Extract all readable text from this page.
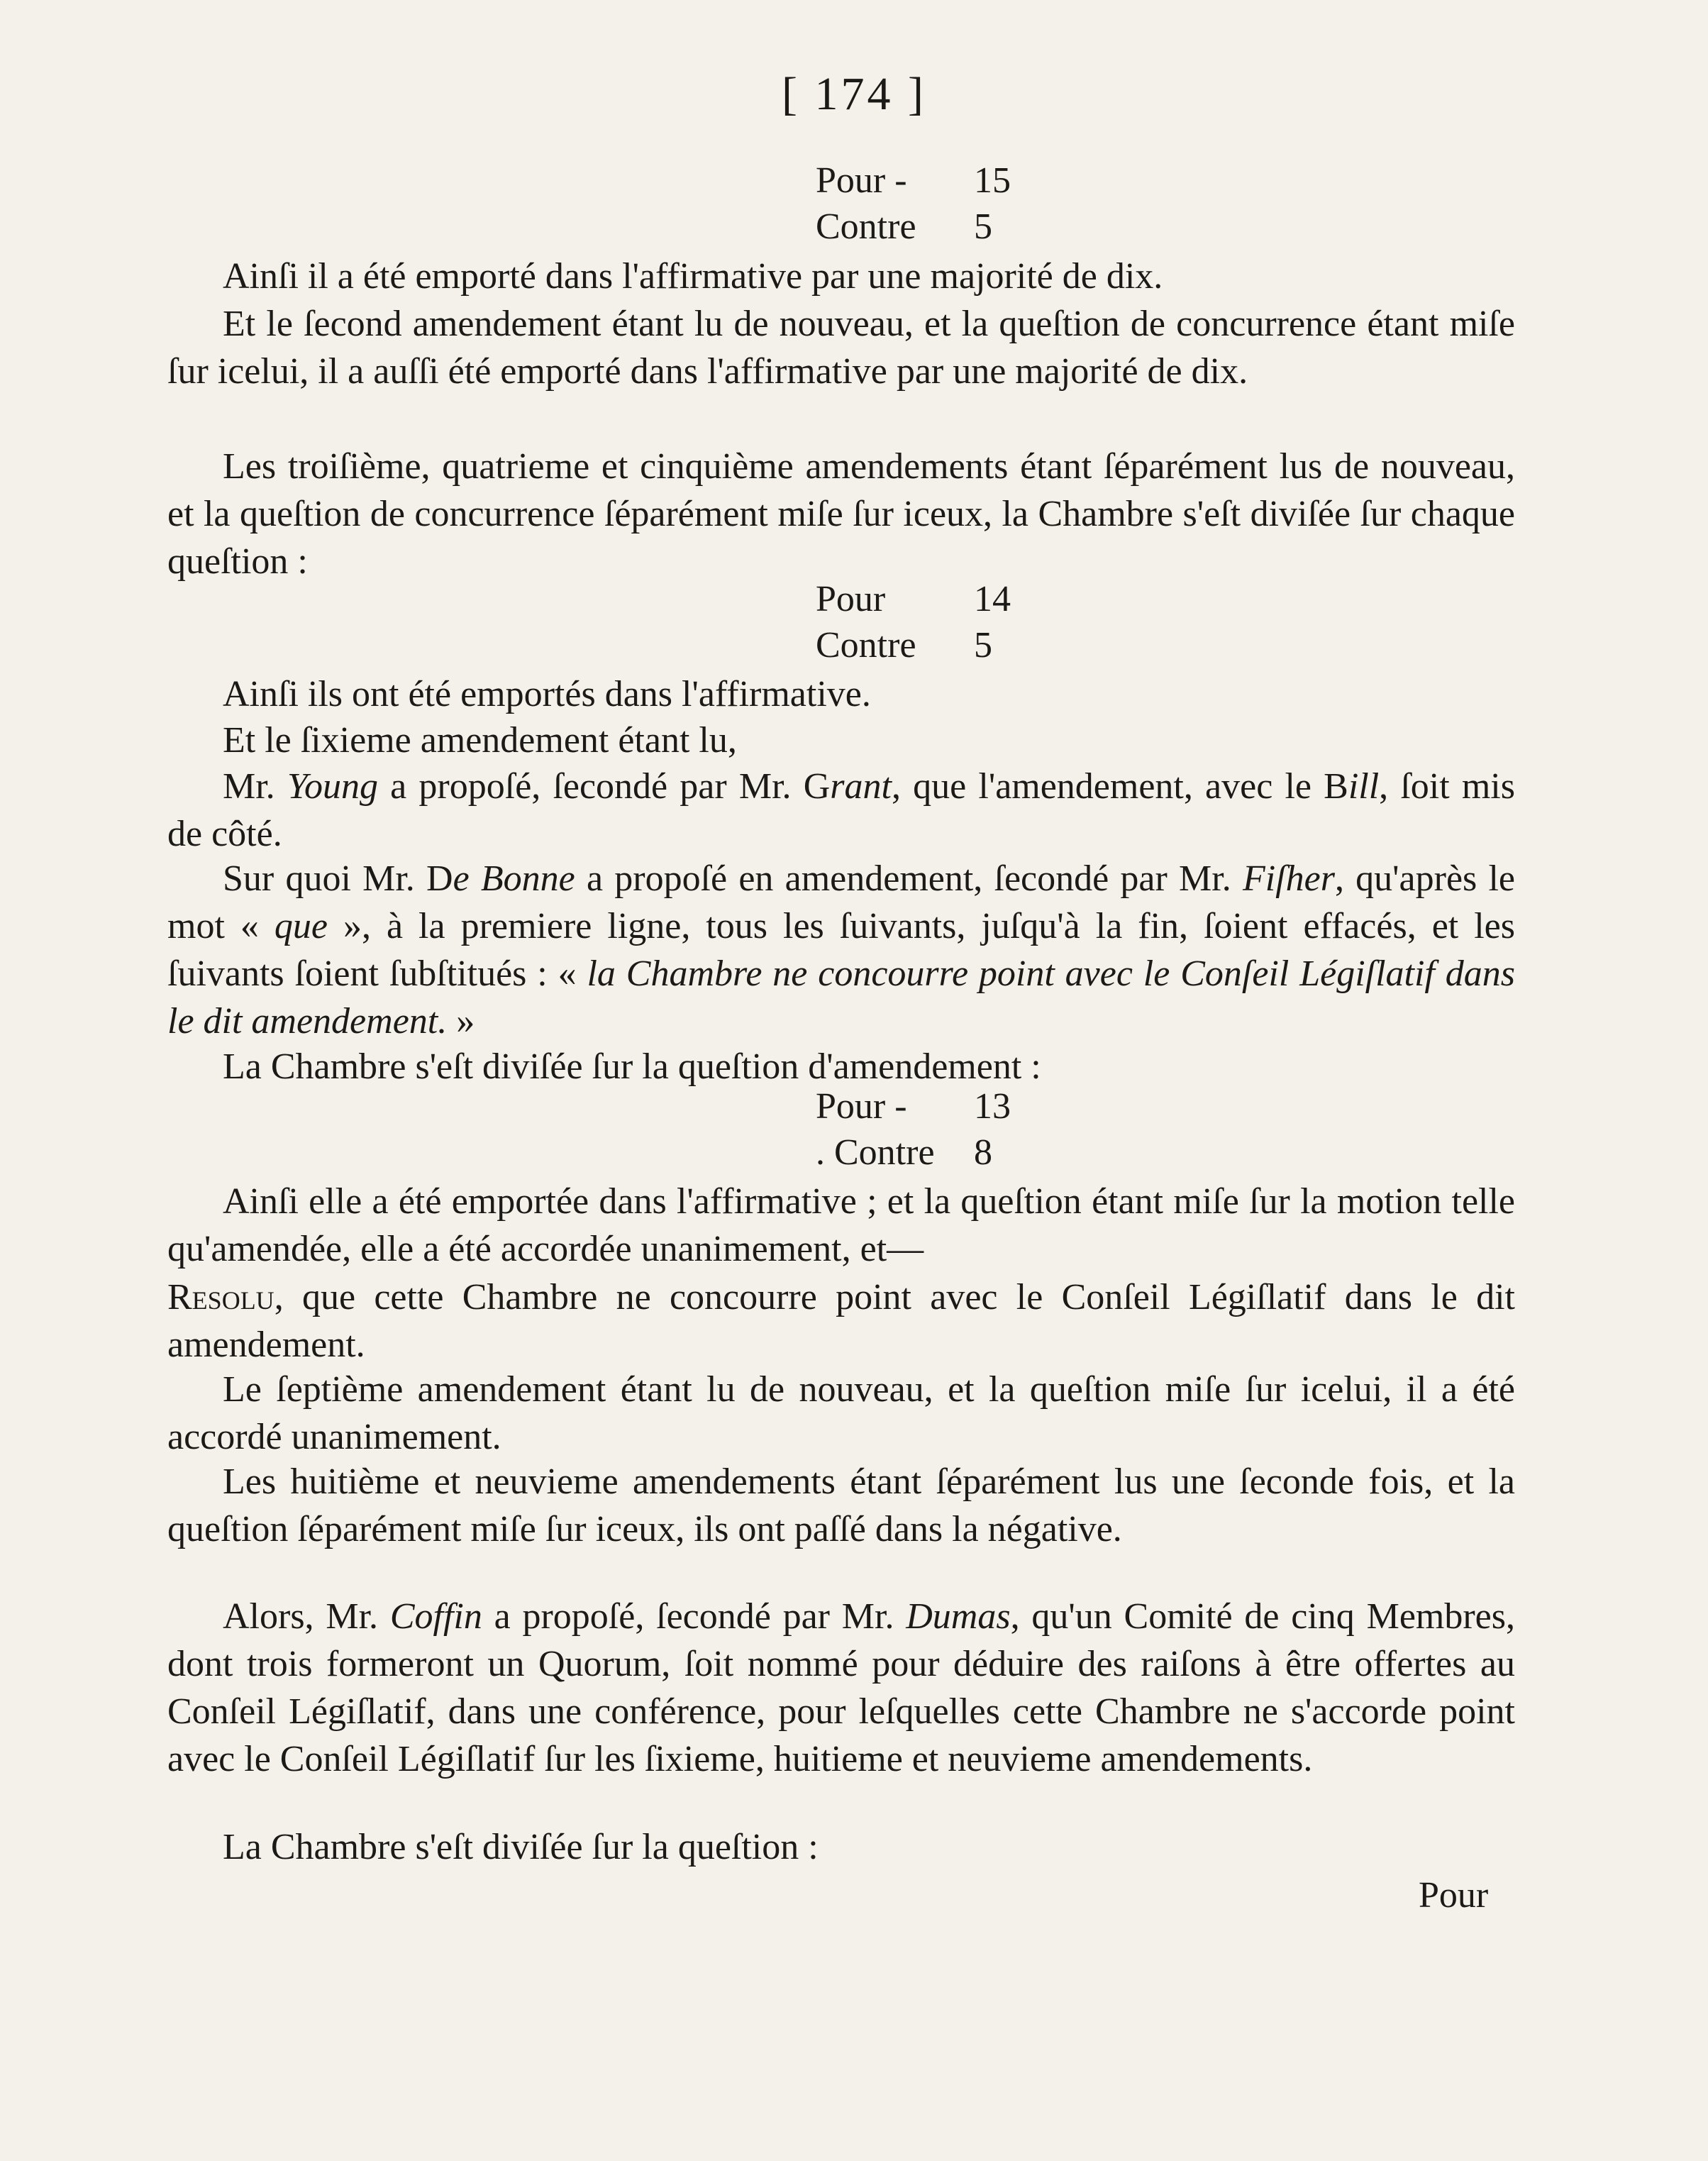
[ 174 ]
Pour - 15
Contre 5

Ainſi il a été emporté dans l'affirmative par une majorité de dix.

Et le ſecond amendement étant lu de nouveau, et la queſtion de concurrence étant miſe ſur icelui, il a auſſi été emporté dans l'affirmative par une majorité de dix.

Les troiſième, quatrieme et cinquième amendements étant ſéparément lus de nouveau, et la queſtion de concurrence ſéparément miſe ſur iceux, la Chambre s'eſt diviſée ſur chaque queſtion :

Pour 14
Contre 5

Ainſi ils ont été emportés dans l'affirmative.

Et le ſixieme amendement étant lu,

Mr. Young a propoſé, ſecondé par Mr. Grant, que l'amendement, avec le Bill, ſoit mis de côté.

Sur quoi Mr. De Bonne a propoſé en amendement, ſecondé par Mr. Fiſher, qu'après le mot « que », à la premiere ligne, tous les ſuivants, juſqu'à la fin, ſoient effacés, et les ſuivants ſoient ſubſtitués : « la Chambre ne concourre point avec le Conſeil Légiſlatif dans le dit amendement. »

La Chambre s'eſt diviſée ſur la queſtion d'amendement :

Pour - 13
. Contre 8

Ainſi elle a été emportée dans l'affirmative ; et la queſtion étant miſe ſur la motion telle qu'amendée, elle a été accordée unanimement, et—

Resolu, que cette Chambre ne concourre point avec le Conſeil Légiſlatif dans le dit amendement.

Le ſeptième amendement étant lu de nouveau, et la queſtion miſe ſur icelui, il a été accordé unanimement.

Les huitième et neuvieme amendements étant ſéparément lus une ſeconde fois, et la queſtion ſéparément miſe ſur iceux, ils ont paſſé dans la négative.

Alors, Mr. Coffin a propoſé, ſecondé par Mr. Dumas, qu'un Comité de cinq Membres, dont trois formeront un Quorum, ſoit nommé pour déduire des raiſons à être offertes au Conſeil Légiſlatif, dans une conférence, pour leſquelles cette Chambre ne s'accorde point avec le Conſeil Légiſlatif ſur les ſixieme, huitieme et neuvieme amendements.

La Chambre s'eſt diviſée ſur la queſtion :

Pour
